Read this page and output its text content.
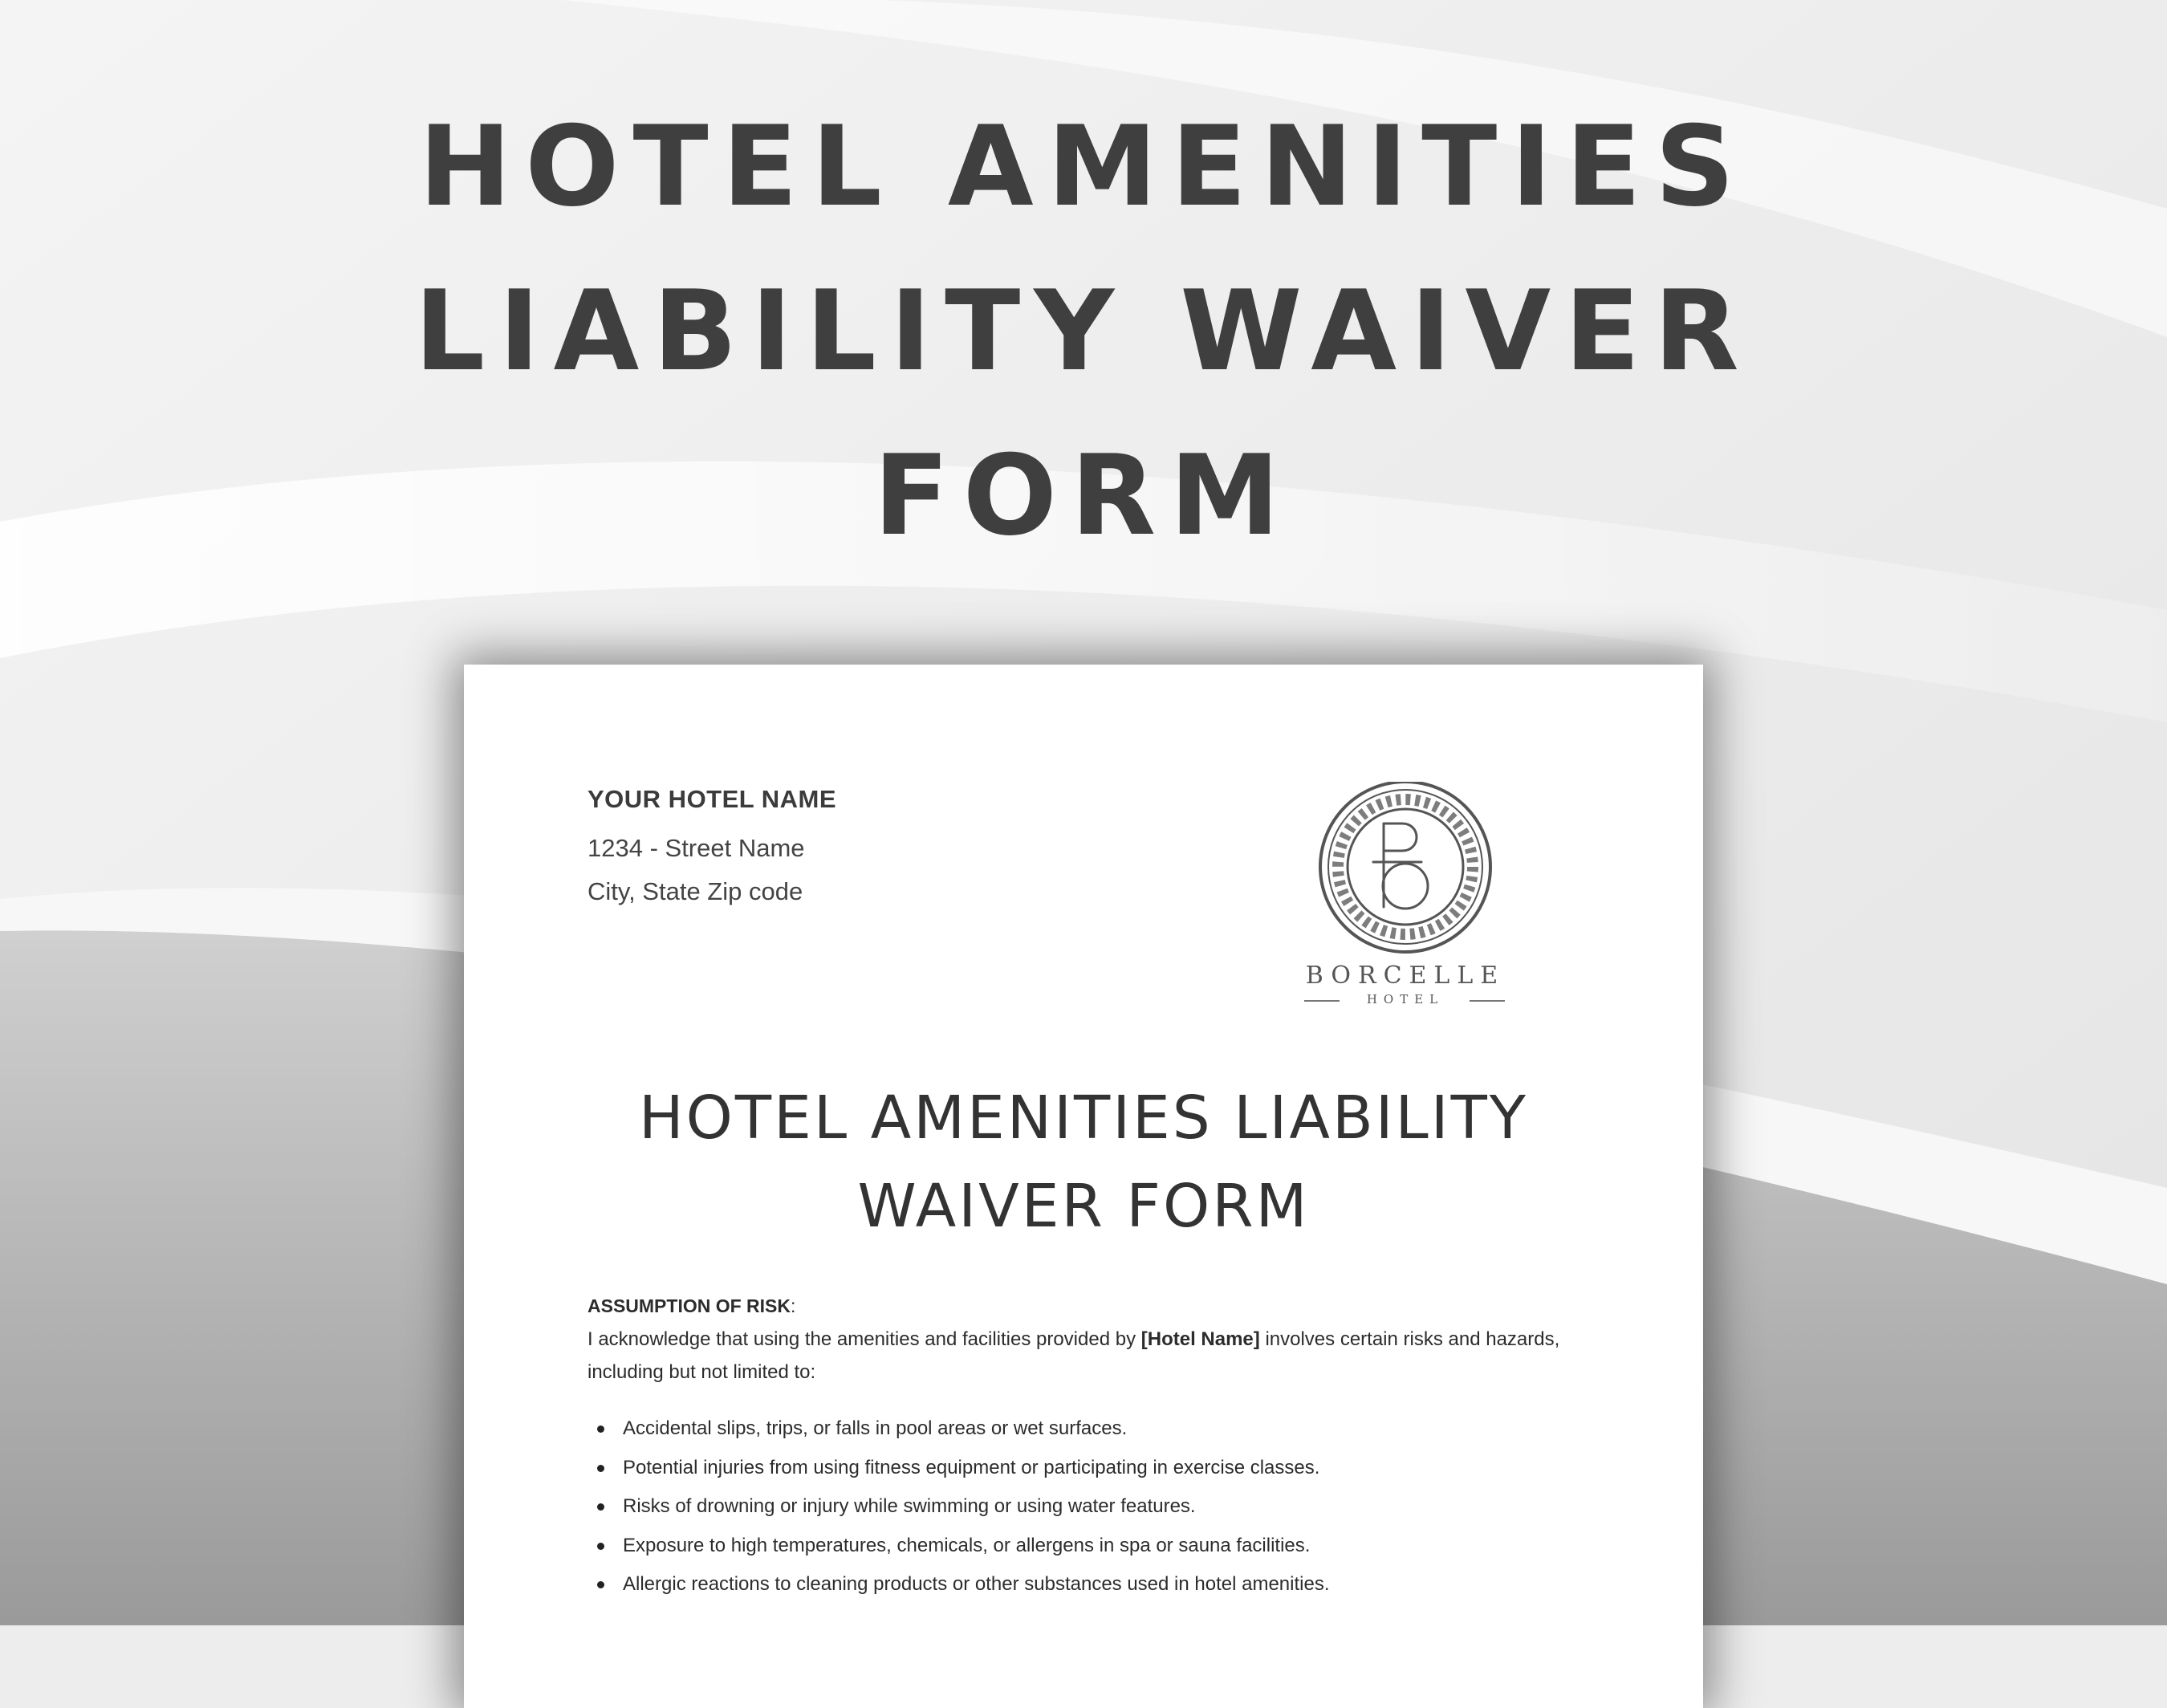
HOTEL AMENITIES
LIABILITY WAIVER
FORM
YOUR HOTEL NAME
1234 - Street Name
City, State Zip code
BORCELLE
HOTEL
HOTEL AMENITIES LIABILITY
WAIVER FORM
ASSUMPTION OF RISK:

I acknowledge that using the amenities and facilities provided by [Hotel Name] involves certain risks and hazards,
including but not limited to:

Accidental slips, trips, or falls in pool areas or wet surfaces.
Potential injuries from using fitness equipment or participating in exercise classes.
Risks of drowning or injury while swimming or using water features.
Exposure to high temperatures, chemicals, or allergens in spa or sauna facilities.
Allergic reactions to cleaning products or other substances used in hotel amenities.
